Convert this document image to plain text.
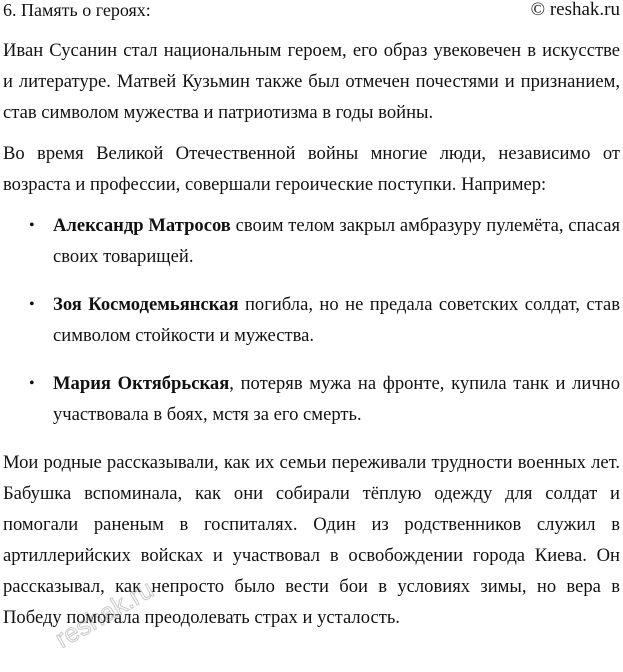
6. Память о героях:	© reshak.ru

Иван Сусанин стал национальным героем, его образ увековечен в искусстве и литературе. Матвей Кузьмин также был отмечен почестями и признанием, став символом мужества и патриотизма в годы войны.

Во время Великой Отечественной войны многие люди, независимо от возраста и профессии, совершали героические поступки. Например:

• Александр Матросов своим телом закрыл амбразуру пулемёта, спасая своих товарищей.
• Зоя Космодемьянская погибла, но не предала советских солдат, став символом стойкости и мужества.
• Мария Октябрьская, потеряв мужа на фронте, купила танк и лично участвовала в боях, мстя за его смерть.

Мои родные рассказывали, как их семьи переживали трудности военных лет. Бабушка вспоминала, как они собирали тёплую одежду для солдат и помогали раненым в госпиталях. Один из родственников служил в артиллерийских войсках и участвовал в освобождении города Киева. Он рассказывал, как непросто было вести бои в условиях зимы, но вера в Победу помогала преодолевать страх и усталость.

reshak.ru
